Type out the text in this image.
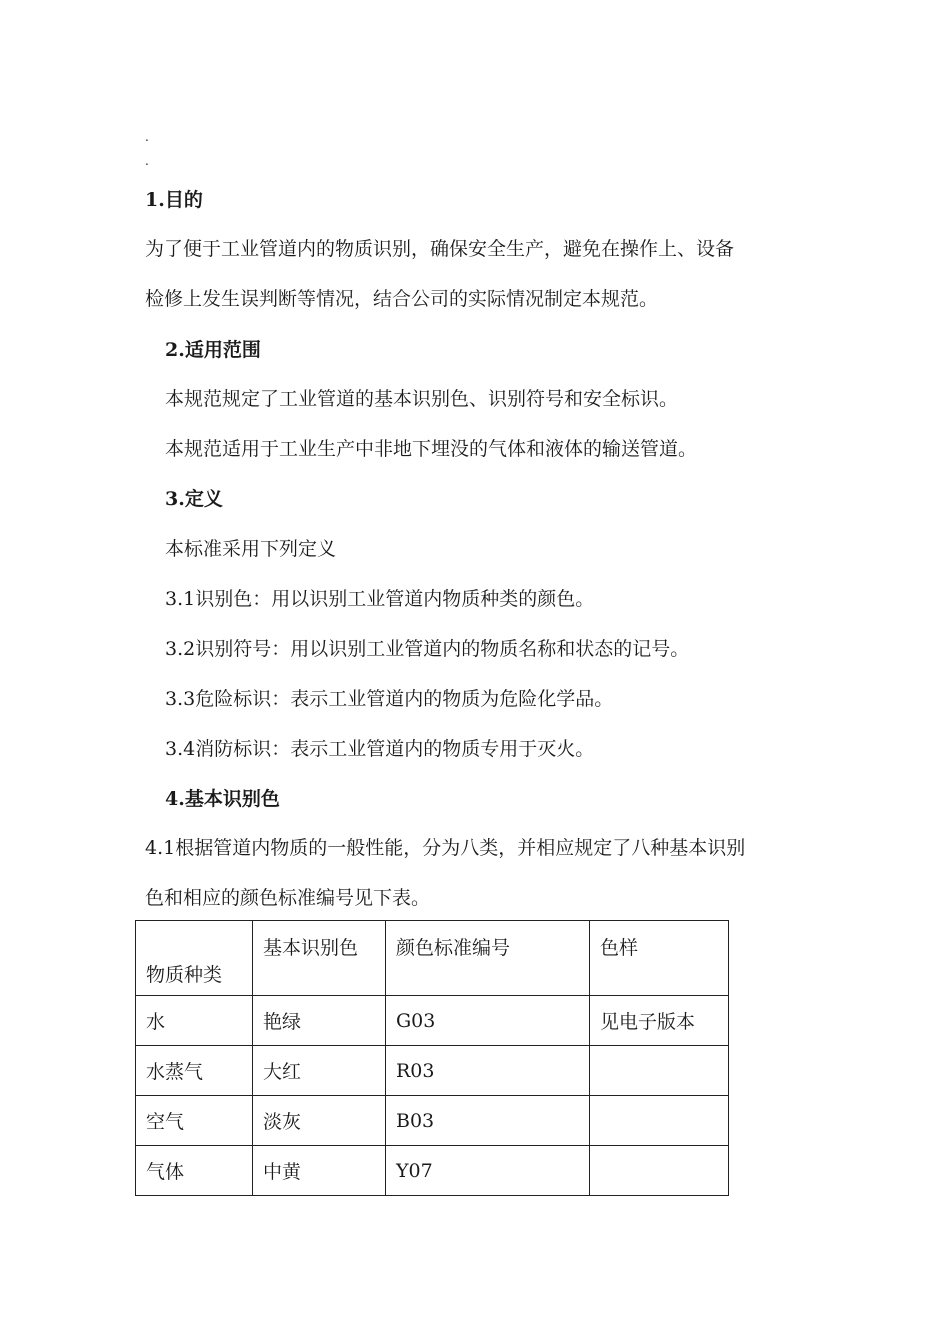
.
.
1.目的
为了便于工业管道内的物质识别，确保安全生产，避免在操作上、设备
检修上发生误判断等情况，结合公司的实际情况制定本规范。
2.适用范围
本规范规定了工业管道的基本识别色、识别符号和安全标识。
本规范适用于工业生产中非地下埋没的气体和液体的输送管道。
3.定义
本标准采用下列定义
3.1识别色：用以识别工业管道内物质种类的颜色。
3.2识别符号：用以识别工业管道内的物质名称和状态的记号。
3.3危险标识：表示工业管道内的物质为危险化学品。
3.4消防标识：表示工业管道内的物质专用于灭火。
4.基本识别色
4.1根据管道内物质的一般性能，分为八类，并相应规定了八种基本识别
色和相应的颜色标准编号见下表。
物质种类	基本识别色	颜色标准编号	色样

水	艳绿	G03	见电子版本
水蒸气	大红	R03	
空气	淡灰	B03	
气体	中黄	Y07	
